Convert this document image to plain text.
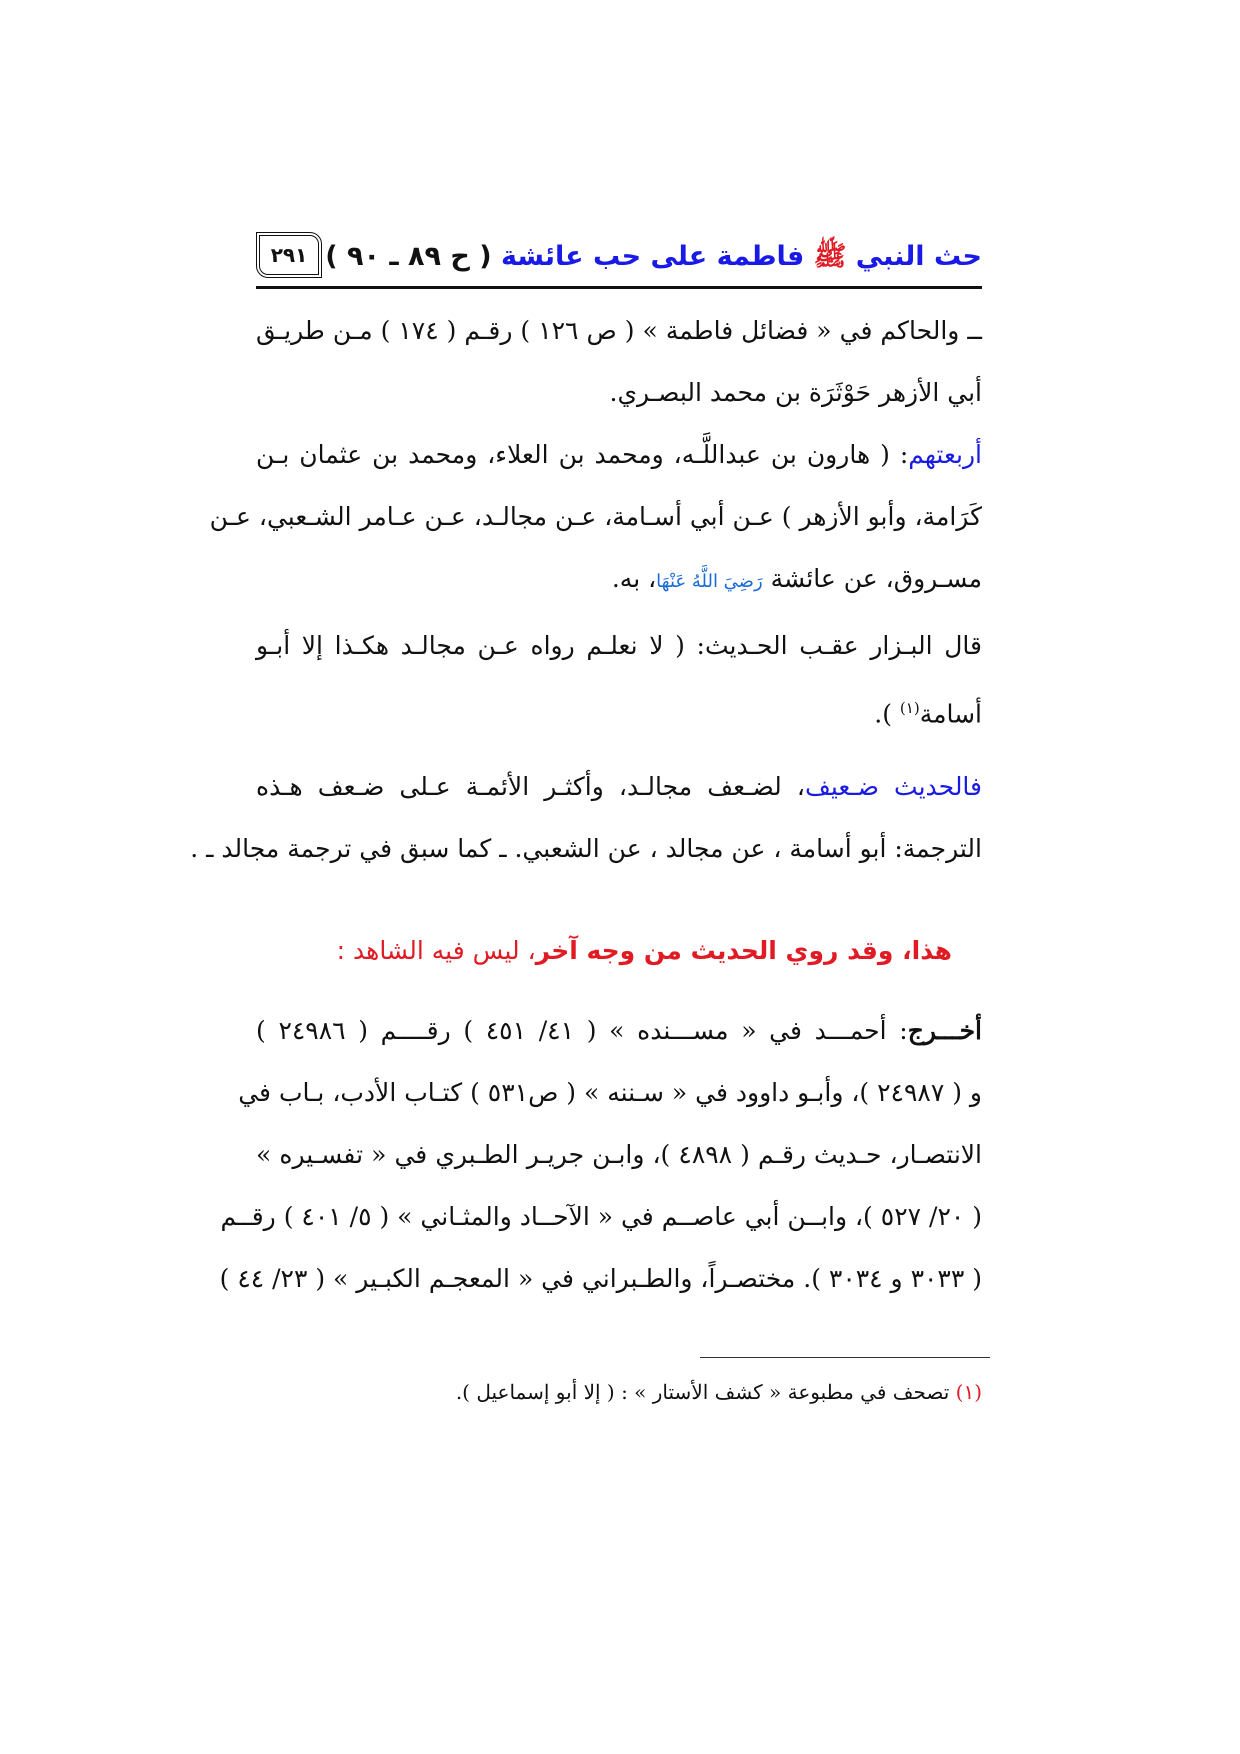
حث النبي ﷺ فاطمة على حب عائشة ( ح ٨٩ ـ ٩٠ )
٢٩١
ــ والحاكم في « فضائل فاطمة » ( ص ١٢٦ ) رقـم ( ١٧٤ ) مـن طريـق
أبي الأزهر حَوْثَرَة بن محمد البصـري.
أربعتهم: ( هارون بن عبداللَّـه، ومحمد بن العلاء، ومحمد بن عثمان بـن
كَرَامة، وأبو الأزهر ) عـن أبي أسـامة، عـن مجالـد، عـن عـامر الشـعبي، عـن
مسـروق، عن عائشة رَضِيَ اللَّهُ عَنْهَا، به.
قال البـزار عقـب الحـديث: ( لا نعلـم رواه عـن مجالـد هكـذا إلا أبـو
أسامة$^{(١)}$ ).
فالحديث ضـعيف، لضـعف مجالـد، وأكثـر الأئمـة عـلى ضـعف هـذه
الترجمة: أبو أسامة ، عن مجالد ، عن الشعبي. ـ كما سبق في ترجمة مجالد ـ .
هذا، وقد روي الحديث من وجه آخر، ليس فيه الشاهد :
أخـــرج: أحمـــد في « مســـنده » ( ٤١/ ٤٥١ ) رقــــم ( ٢٤٩٨٦ )
و ( ٢٤٩٨٧ )، وأبـو داوود في « سـننه » ( ص٥٣١ ) كتـاب الأدب، بـاب في
الانتصـار، حـديث رقـم ( ٤٨٩٨ )، وابـن جريـر الطـبري في « تفسـيره »
( ٢٠/ ٥٢٧ )، وابــن أبي عاصــم في « الآحــاد والمثـاني » ( ٥/ ٤٠١ ) رقــم
( ٣٠٣٣ و ٣٠٣٤ ). مختصـراً، والطـبراني في « المعجـم الكبـير » ( ٢٣/ ٤٤ )
(١) تصحف في مطبوعة « كشف الأستار » : ( إلا أبو إسماعيل ).
